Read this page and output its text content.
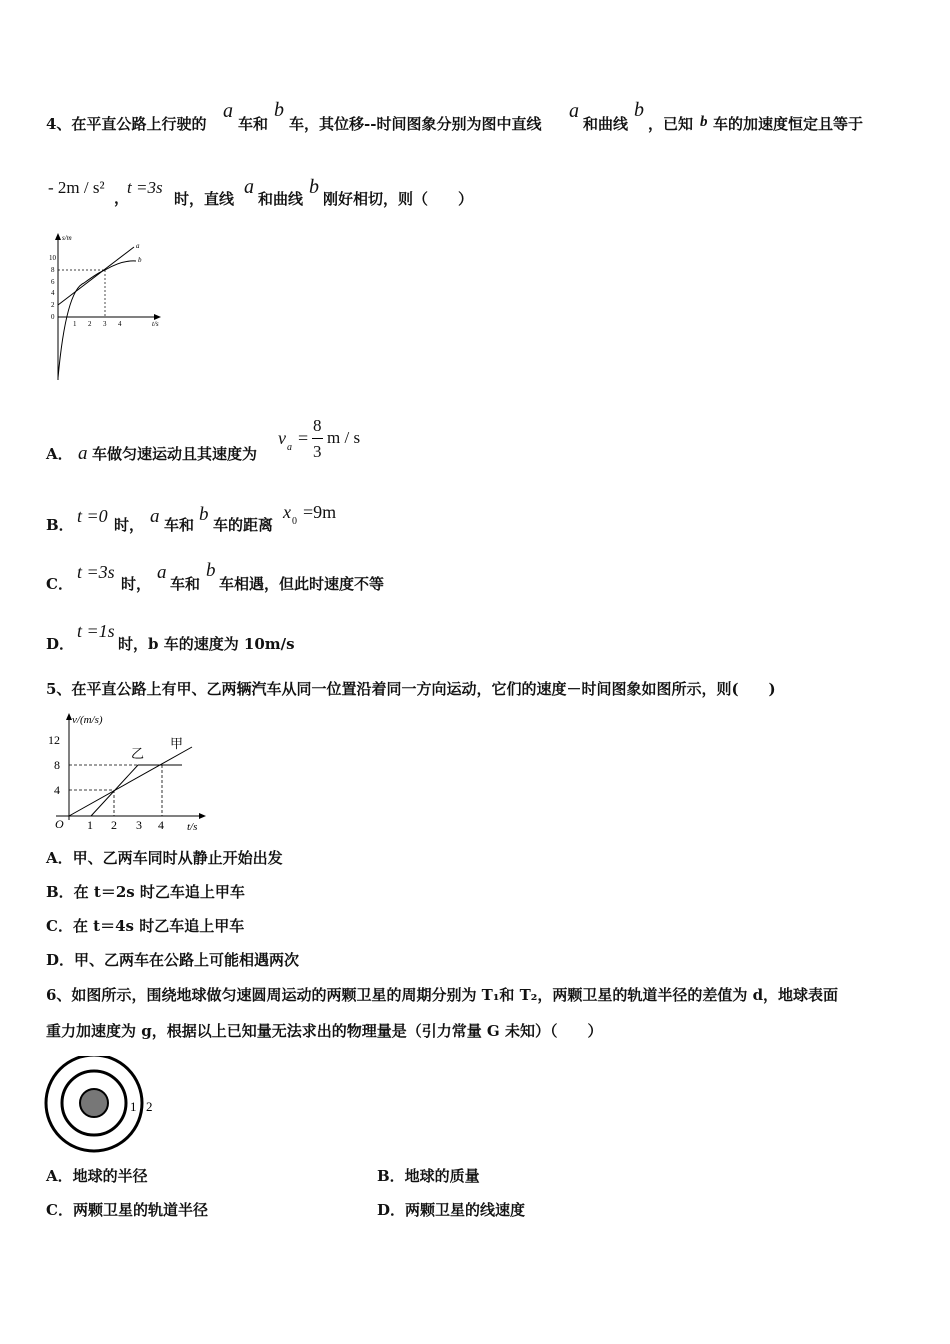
4、在平直公路上行驶的
a
车和
b
车，其位移--时间图象分别为图中直线
a
和曲线
b
，已知 b 车的加速度恒定且等于
- 2m / s²
，
t =3s
时，直线
a
和曲线
b
刚好相切，则（　　）
s/m
t/s
10
8
6
4
2
0
1 2 3 4
a
b
A． a 车做匀速运动且其速度为
v a =
8
3
m / s
B． t =0 时， a 车和 b 车的距离
x 0 =9m
C．
t =3s
时，
a
车和
b
车相遇，但此时速度不等
D．
t =1s
时，b 车的速度为 10m/s
5、在平直公路上有甲、乙两辆汽车从同一位置沿着同一方向运动，它们的速度－时间图象如图所示，则(　　)
v/(m/s)
t/s
O
12
8
4
1 2 3 4
甲
乙
A．甲、乙两车同时从静止开始出发
B．在 t＝2s 时乙车追上甲车
C．在 t＝4s 时乙车追上甲车
D．甲、乙两车在公路上可能相遇两次
6、如图所示，围绕地球做匀速圆周运动的两颗卫星的周期分别为 T₁和 T₂，两颗卫星的轨道半径的差值为 d，地球表面
重力加速度为 g，根据以上已知量无法求出的物理量是（引力常量 G 未知）（　　）
1 2
A．地球的半径	B．地球的质量
C．两颗卫星的轨道半径	D．两颗卫星的线速度
